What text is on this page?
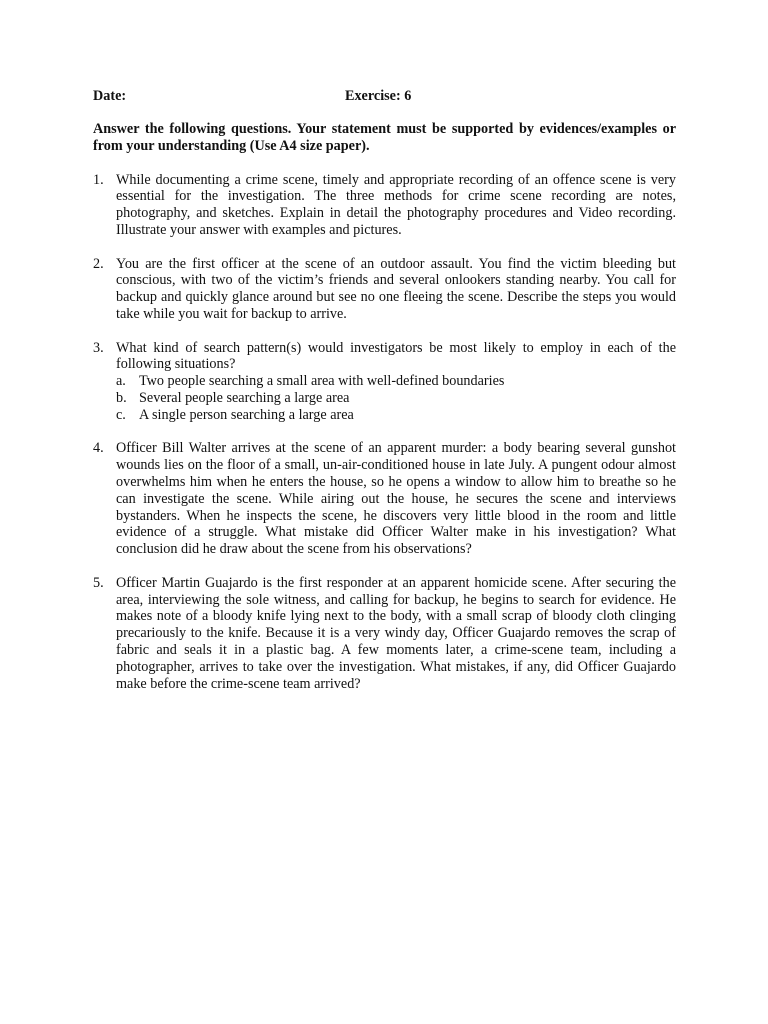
Date:	Exercise: 6
Answer the following questions. Your statement must be supported by evidences/examples or from your understanding (Use A4 size paper).
1. While documenting a crime scene, timely and appropriate recording of an offence scene is very essential for the investigation. The three methods for crime scene recording are notes, photography, and sketches. Explain in detail the photography procedures and Video recording. Illustrate your answer with examples and pictures.
2. You are the first officer at the scene of an outdoor assault. You find the victim bleeding but conscious, with two of the victim’s friends and several onlookers standing nearby. You call for backup and quickly glance around but see no one fleeing the scene. Describe the steps you would take while you wait for backup to arrive.
3. What kind of search pattern(s) would investigators be most likely to employ in each of the following situations?
a. Two people searching a small area with well-defined boundaries
b. Several people searching a large area
c. A single person searching a large area
4. Officer Bill Walter arrives at the scene of an apparent murder: a body bearing several gunshot wounds lies on the floor of a small, un-air-conditioned house in late July. A pungent odour almost overwhelms him when he enters the house, so he opens a window to allow him to breathe so he can investigate the scene. While airing out the house, he secures the scene and interviews bystanders. When he inspects the scene, he discovers very little blood in the room and little evidence of a struggle. What mistake did Officer Walter make in his investigation? What conclusion did he draw about the scene from his observations?
5. Officer Martin Guajardo is the first responder at an apparent homicide scene. After securing the area, interviewing the sole witness, and calling for backup, he begins to search for evidence. He makes note of a bloody knife lying next to the body, with a small scrap of bloody cloth clinging precariously to the knife. Because it is a very windy day, Officer Guajardo removes the scrap of fabric and seals it in a plastic bag. A few moments later, a crime-scene team, including a photographer, arrives to take over the investigation. What mistakes, if any, did Officer Guajardo make before the crime-scene team arrived?
